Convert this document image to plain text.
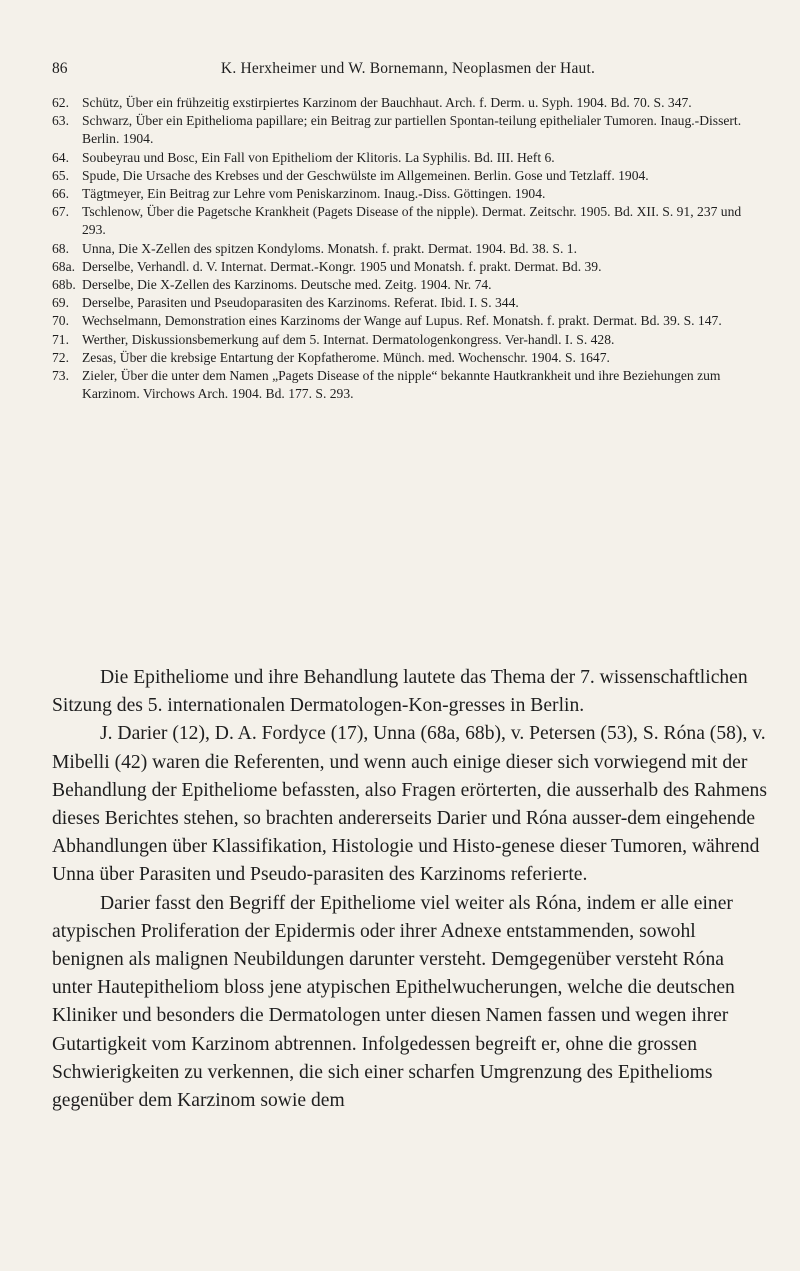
86	K. Herxheimer und W. Bornemann, Neoplasmen der Haut.
62. Schütz, Über ein frühzeitig exstirpiertes Karzinom der Bauchhaut. Arch. f. Derm. u. Syph. 1904. Bd. 70. S. 347.
63. Schwarz, Über ein Epithelioma papillare; ein Beitrag zur partiellen Spontan-teilung epithelialer Tumoren. Inaug.-Dissert. Berlin. 1904.
64. Soubeyrau und Bosc, Ein Fall von Epitheliom der Klitoris. La Syphilis. Bd. III. Heft 6.
65. Spude, Die Ursache des Krebses und der Geschwülste im Allgemeinen. Berlin. Gose und Tetzlaff. 1904.
66. Tägtmeyer, Ein Beitrag zur Lehre vom Peniskarzinom. Inaug.-Diss. Göttingen. 1904.
67. Tschlenow, Über die Pagetsche Krankheit (Pagets Disease of the nipple). Dermat. Zeitschr. 1905. Bd. XII. S. 91, 237 und 293.
68. Unna, Die X-Zellen des spitzen Kondyloms. Monatsh. f. prakt. Dermat. 1904. Bd. 38. S. 1.
68a. Derselbe, Verhandl. d. V. Internat. Dermat.-Kongr. 1905 und Monatsh. f. prakt. Dermat. Bd. 39.
68b. Derselbe, Die X-Zellen des Karzinoms. Deutsche med. Zeitg. 1904. Nr. 74.
69. Derselbe, Parasiten und Pseudoparasiten des Karzinoms. Referat. Ibid. I. S. 344.
70. Wechselmann, Demonstration eines Karzinoms der Wange auf Lupus. Ref. Monatsh. f. prakt. Dermat. Bd. 39. S. 147.
71. Werther, Diskussionsbemerkung auf dem 5. Internat. Dermatologenkongress. Ver-handl. I. S. 428.
72. Zesas, Über die krebsige Entartung der Kopfatherome. Münch. med. Wochenschr. 1904. S. 1647.
73. Zieler, Über die unter dem Namen „Pagets Disease of the nipple“ bekannte Hautkrankheit und ihre Beziehungen zum Karzinom. Virchows Arch. 1904. Bd. 177. S. 293.

Die Epitheliome und ihre Behandlung lautete das Thema der 7. wissenschaftlichen Sitzung des 5. internationalen Dermatologen-Kon-gresses in Berlin.

J. Darier (12), D. A. Fordyce (17), Unna (68a, 68b), v. Petersen (53), S. Róna (58), v. Mibelli (42) waren die Referenten, und wenn auch einige dieser sich vorwiegend mit der Behandlung der Epitheliome befassten, also Fragen erörterten, die ausserhalb des Rahmens dieses Berichtes stehen, so brachten andererseits Darier und Róna ausser-dem eingehende Abhandlungen über Klassifikation, Histologie und Histo-genese dieser Tumoren, während Unna über Parasiten und Pseudo-parasiten des Karzinoms referierte.

Darier fasst den Begriff der Epitheliome viel weiter als Róna, indem er alle einer atypischen Proliferation der Epidermis oder ihrer Adnexe entstammenden, sowohl benignen als malignen Neubildungen darunter versteht. Demgegenüber versteht Róna unter Hautepitheliom bloss jene atypischen Epithelwucherungen, welche die deutschen Kliniker und besonders die Dermatologen unter diesen Namen fassen und wegen ihrer Gutartigkeit vom Karzinom abtrennen. Infolgedessen begreift er, ohne die grossen Schwierigkeiten zu verkennen, die sich einer scharfen Umgrenzung des Epithelioms gegenüber dem Karzinom sowie dem
